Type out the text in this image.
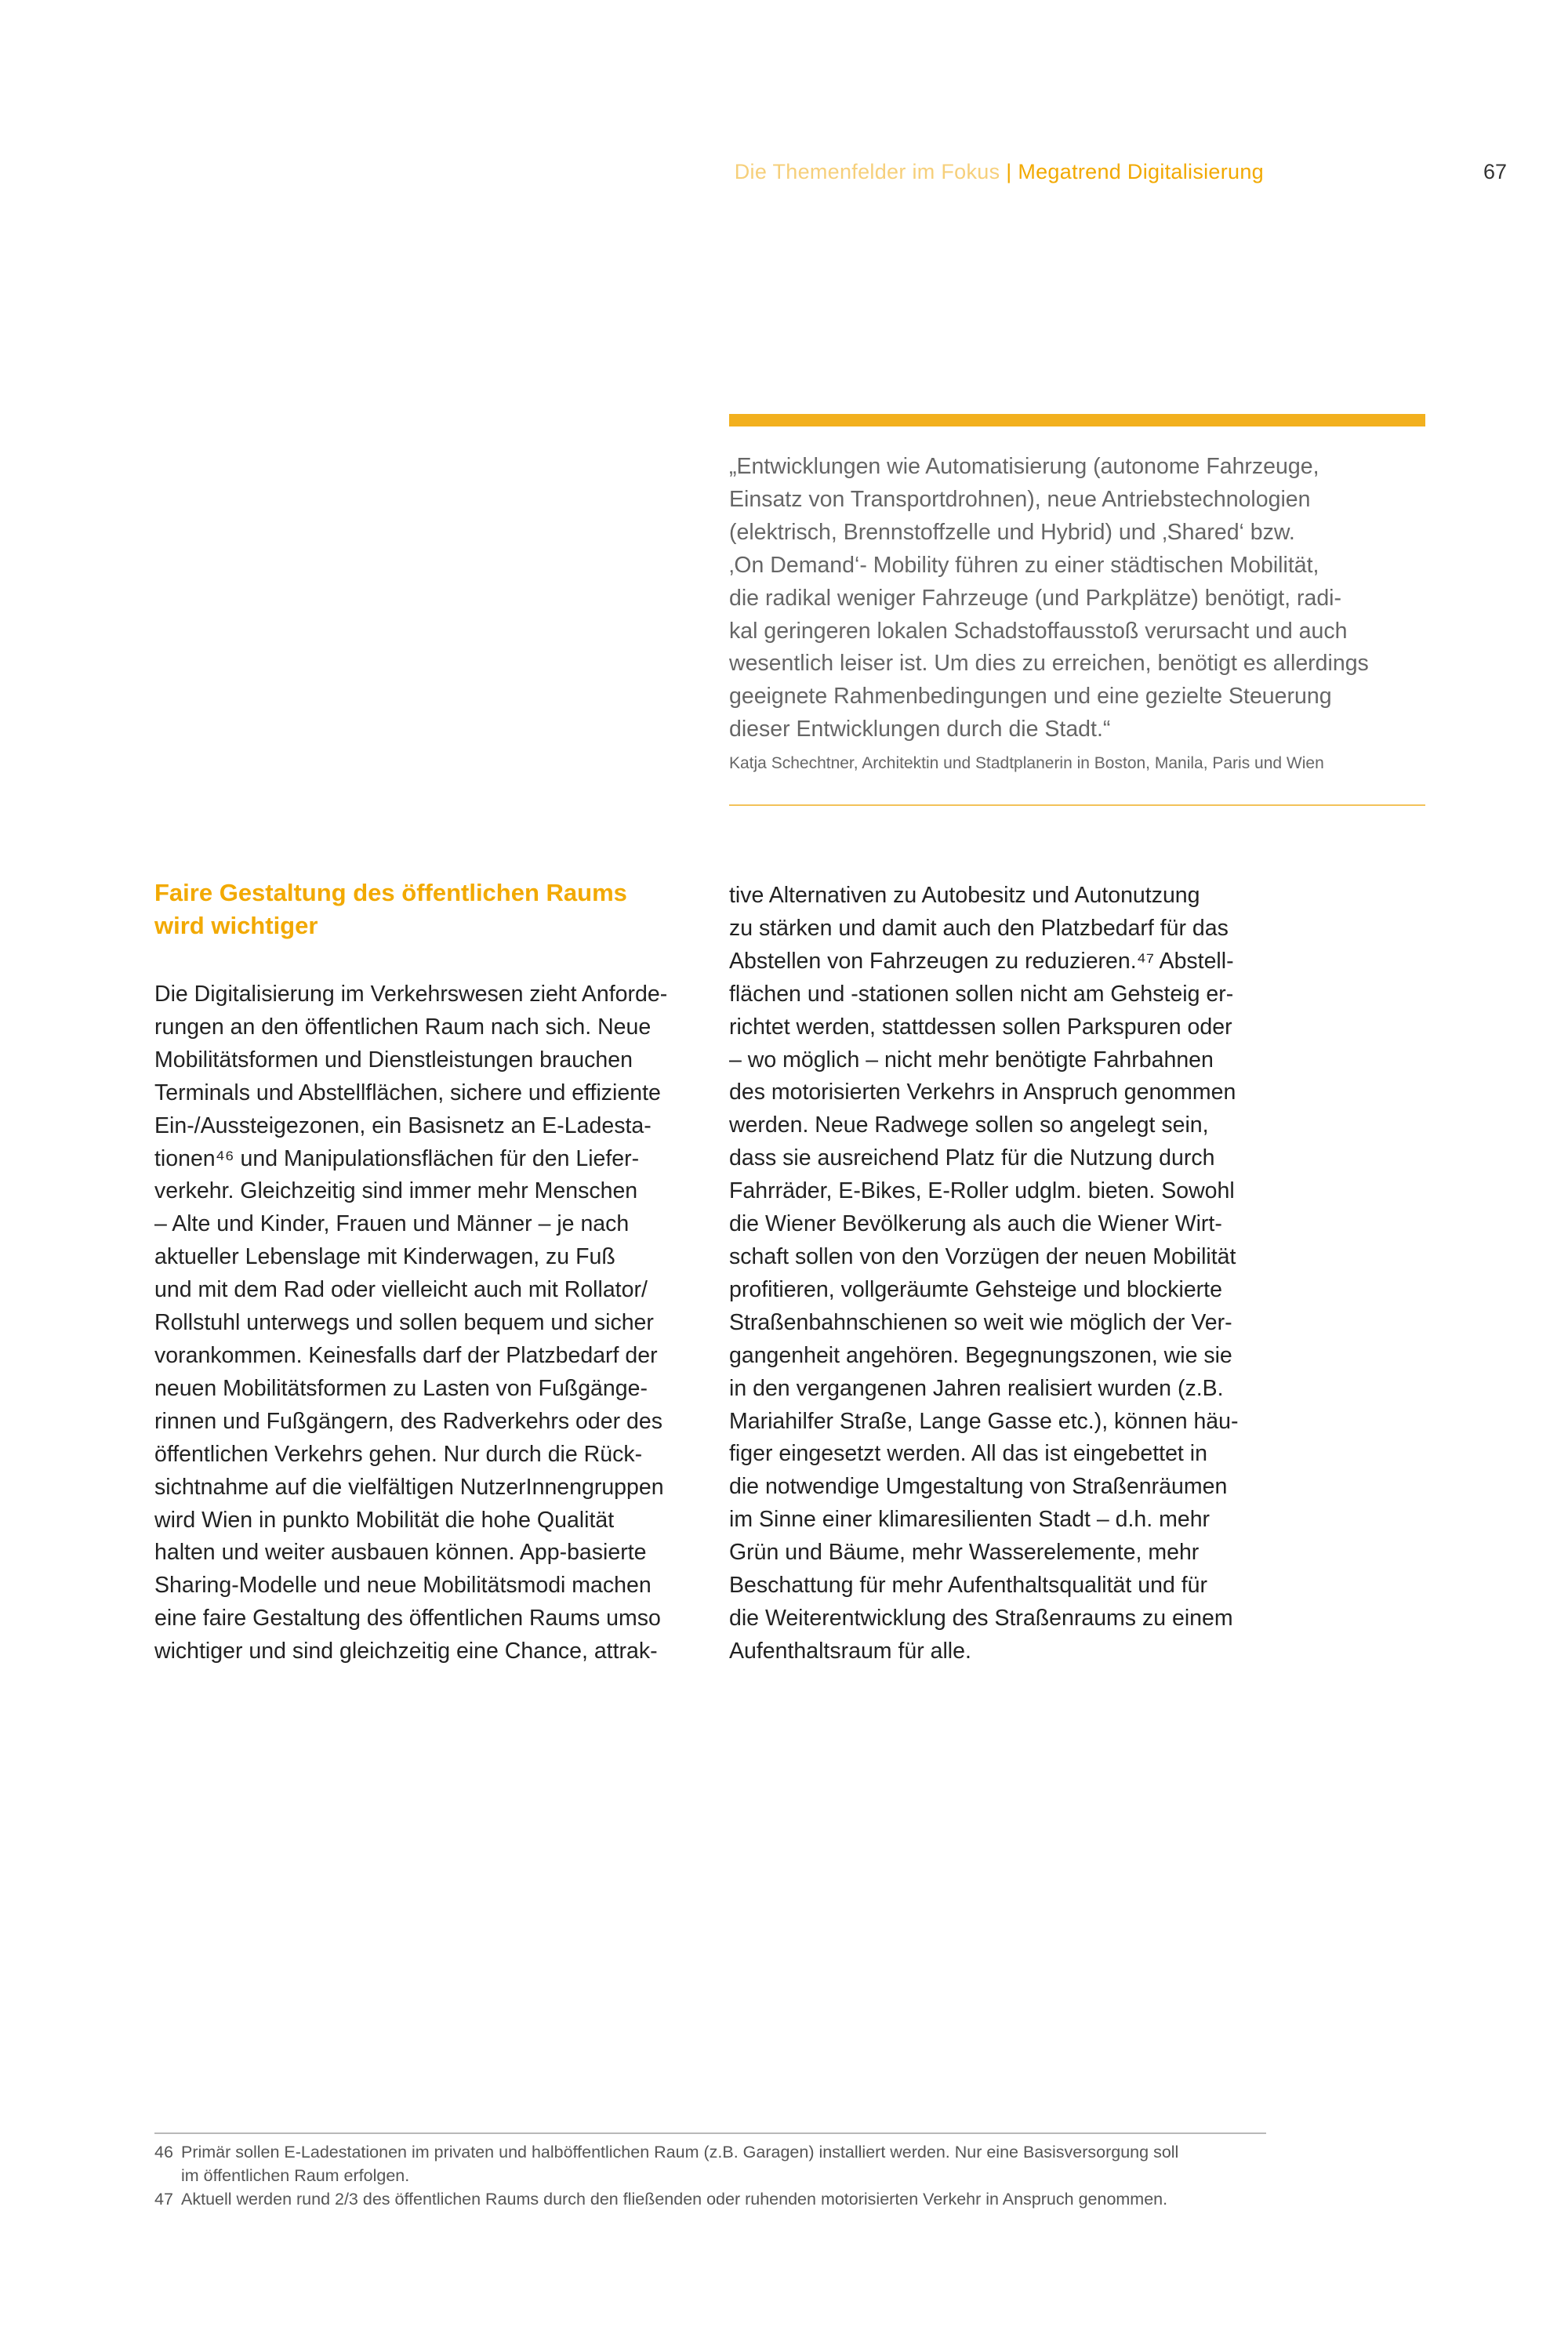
Die Themenfelder im Fokus | Megatrend Digitalisierung	67
„Entwicklungen wie Automatisierung (autonome Fahrzeuge,
Einsatz von Transportdrohnen), neue Antriebstechnologien
(elektrisch, Brennstoffzelle und Hybrid) und ‚Shared‘ bzw.
‚On Demand‘- Mobility führen zu einer städtischen Mobilität,
die radikal weniger Fahrzeuge (und Parkplätze) benötigt, radi-
kal geringeren lokalen Schadstoffausstoß verursacht und auch
wesentlich leiser ist. Um dies zu erreichen, benötigt es allerdings
geeignete Rahmenbedingungen und eine gezielte Steuerung
dieser Entwicklungen durch die Stadt.“
Katja Schechtner, Architektin und Stadtplanerin in Boston, Manila, Paris und Wien
Faire Gestaltung des öffentlichen Raums
wird wichtiger
Die Digitalisierung im Verkehrswesen zieht Anforde-
rungen an den öffentlichen Raum nach sich. Neue
Mobilitätsformen und Dienstleistungen brauchen
Terminals und Abstellflächen, sichere und effiziente
Ein-/Aussteigezonen, ein Basisnetz an E-Ladesta-
tionen⁴⁶ und Manipulationsflächen für den Liefer-
verkehr. Gleichzeitig sind immer mehr Menschen
– Alte und Kinder, Frauen und Männer – je nach
aktueller Lebenslage mit Kinderwagen, zu Fuß
und mit dem Rad oder vielleicht auch mit Rollator/
Rollstuhl unterwegs und sollen bequem und sicher
vorankommen. Keinesfalls darf der Platzbedarf der
neuen Mobilitätsformen zu Lasten von Fußgänge-
rinnen und Fußgängern, des Radverkehrs oder des
öffentlichen Verkehrs gehen. Nur durch die Rück-
sichtnahme auf die vielfältigen NutzerInnengruppen
wird Wien in punkto Mobilität die hohe Qualität
halten und weiter ausbauen können. App-basierte
Sharing-Modelle und neue Mobilitätsmodi machen
eine faire Gestaltung des öffentlichen Raums umso
wichtiger und sind gleichzeitig eine Chance, attrak-
tive Alternativen zu Autobesitz und Autonutzung
zu stärken und damit auch den Platzbedarf für das
Abstellen von Fahrzeugen zu reduzieren.⁴⁷ Abstell-
flächen und -stationen sollen nicht am Gehsteig er-
richtet werden, stattdessen sollen Parkspuren oder
– wo möglich – nicht mehr benötigte Fahrbahnen
des motorisierten Verkehrs in Anspruch genommen
werden. Neue Radwege sollen so angelegt sein,
dass sie ausreichend Platz für die Nutzung durch
Fahrräder, E-Bikes, E-Roller udglm. bieten. Sowohl
die Wiener Bevölkerung als auch die Wiener Wirt-
schaft sollen von den Vorzügen der neuen Mobilität
profitieren, vollgeräumte Gehsteige und blockierte
Straßenbahnschienen so weit wie möglich der Ver-
gangenheit angehören. Begegnungszonen, wie sie
in den vergangenen Jahren realisiert wurden (z.B.
Mariahilfer Straße, Lange Gasse etc.), können häu-
figer eingesetzt werden. All das ist eingebettet in
die notwendige Umgestaltung von Straßenräumen
im Sinne einer klimaresilienten Stadt – d.h. mehr
Grün und Bäume, mehr Wasserelemente, mehr
Beschattung für mehr Aufenthaltsqualität und für
die Weiterentwicklung des Straßenraums zu einem
Aufenthaltsraum für alle.
46 Primär sollen E-Ladestationen im privaten und halböffentlichen Raum (z.B. Garagen) installiert werden. Nur eine Basisversorgung soll
im öffentlichen Raum erfolgen.
47 Aktuell werden rund 2/3 des öffentlichen Raums durch den fließenden oder ruhenden motorisierten Verkehr in Anspruch genommen.
